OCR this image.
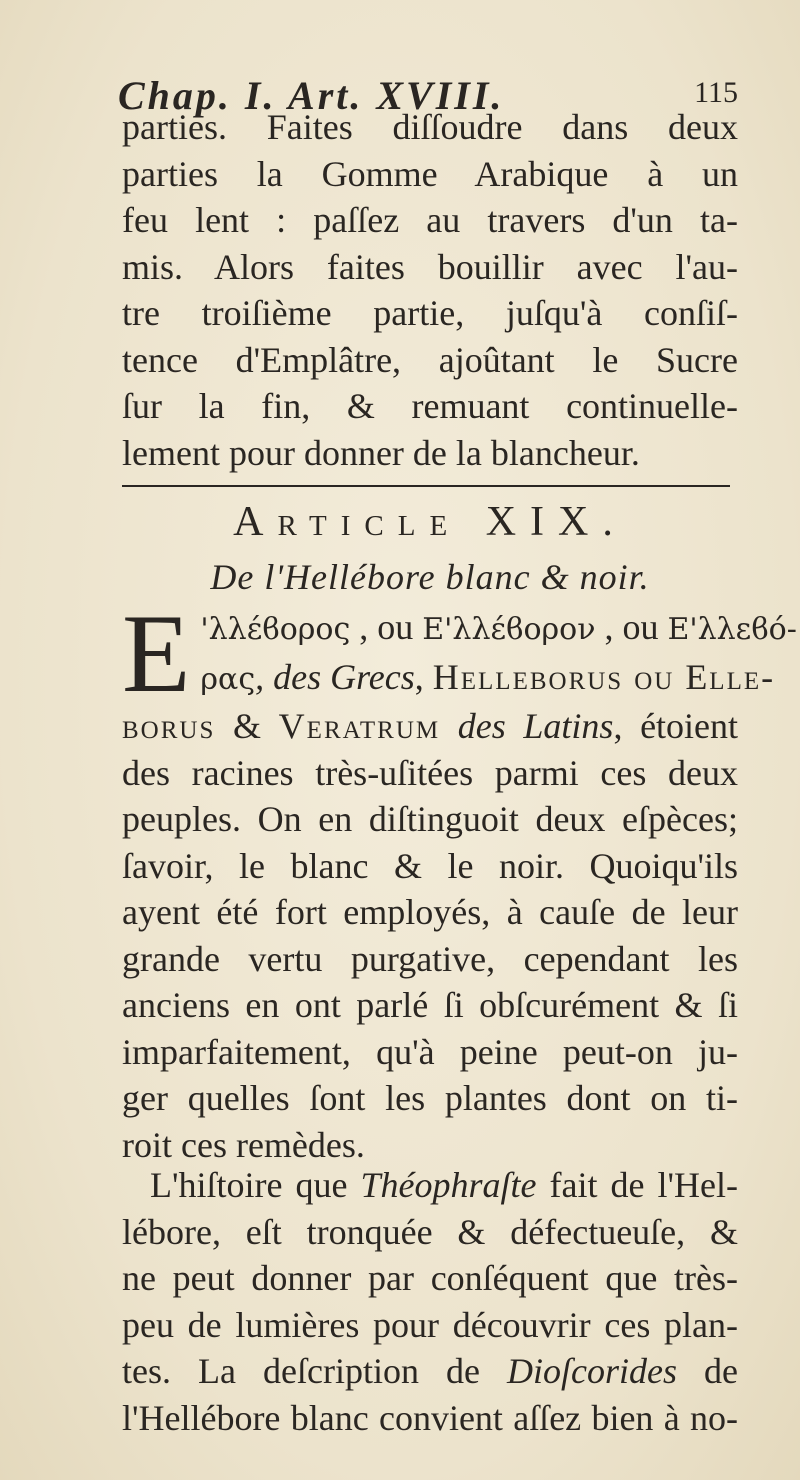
Chap. I. Art. XVIII.	115
parties. Faites diſſoudre dans deux
parties la Gomme Arabique à un
feu lent : paſſez au travers d'un ta-
mis. Alors faites bouillir avec l'au-
tre troiſième partie, juſqu'à conſiſ-
tence d'Emplâtre, ajoûtant le Sucre
ſur la fin, & remuant continuelle-
lement pour donner de la blancheur.
Article XIX.
De l'Hellébore blanc & noir.
E 'λλέϐορος , ou Ε'λλέϐορον , ou Ε'λλεϐό-
ρας, des Grecs, Helleborus ou Elle-
borus & Veratrum des Latins, étoient
des racines très-uſitées parmi ces deux
peuples. On en diſtinguoit deux eſpèces;
ſavoir, le blanc & le noir. Quoiqu'ils
ayent été fort employés, à cauſe de leur
grande vertu purgative, cependant les
anciens en ont parlé ſi obſcurément & ſi
imparfaitement, qu'à peine peut-on ju-
ger quelles ſont les plantes dont on ti-
roit ces remèdes.
L'hiſtoire que Théophraſte fait de l'Hel-
lébore, eſt tronquée & défectueuſe, &
ne peut donner par conſéquent que très-
peu de lumières pour découvrir ces plan-
tes. La deſcription de Dioſcorides de
l'Hellébore blanc convient aſſez bien à no-
